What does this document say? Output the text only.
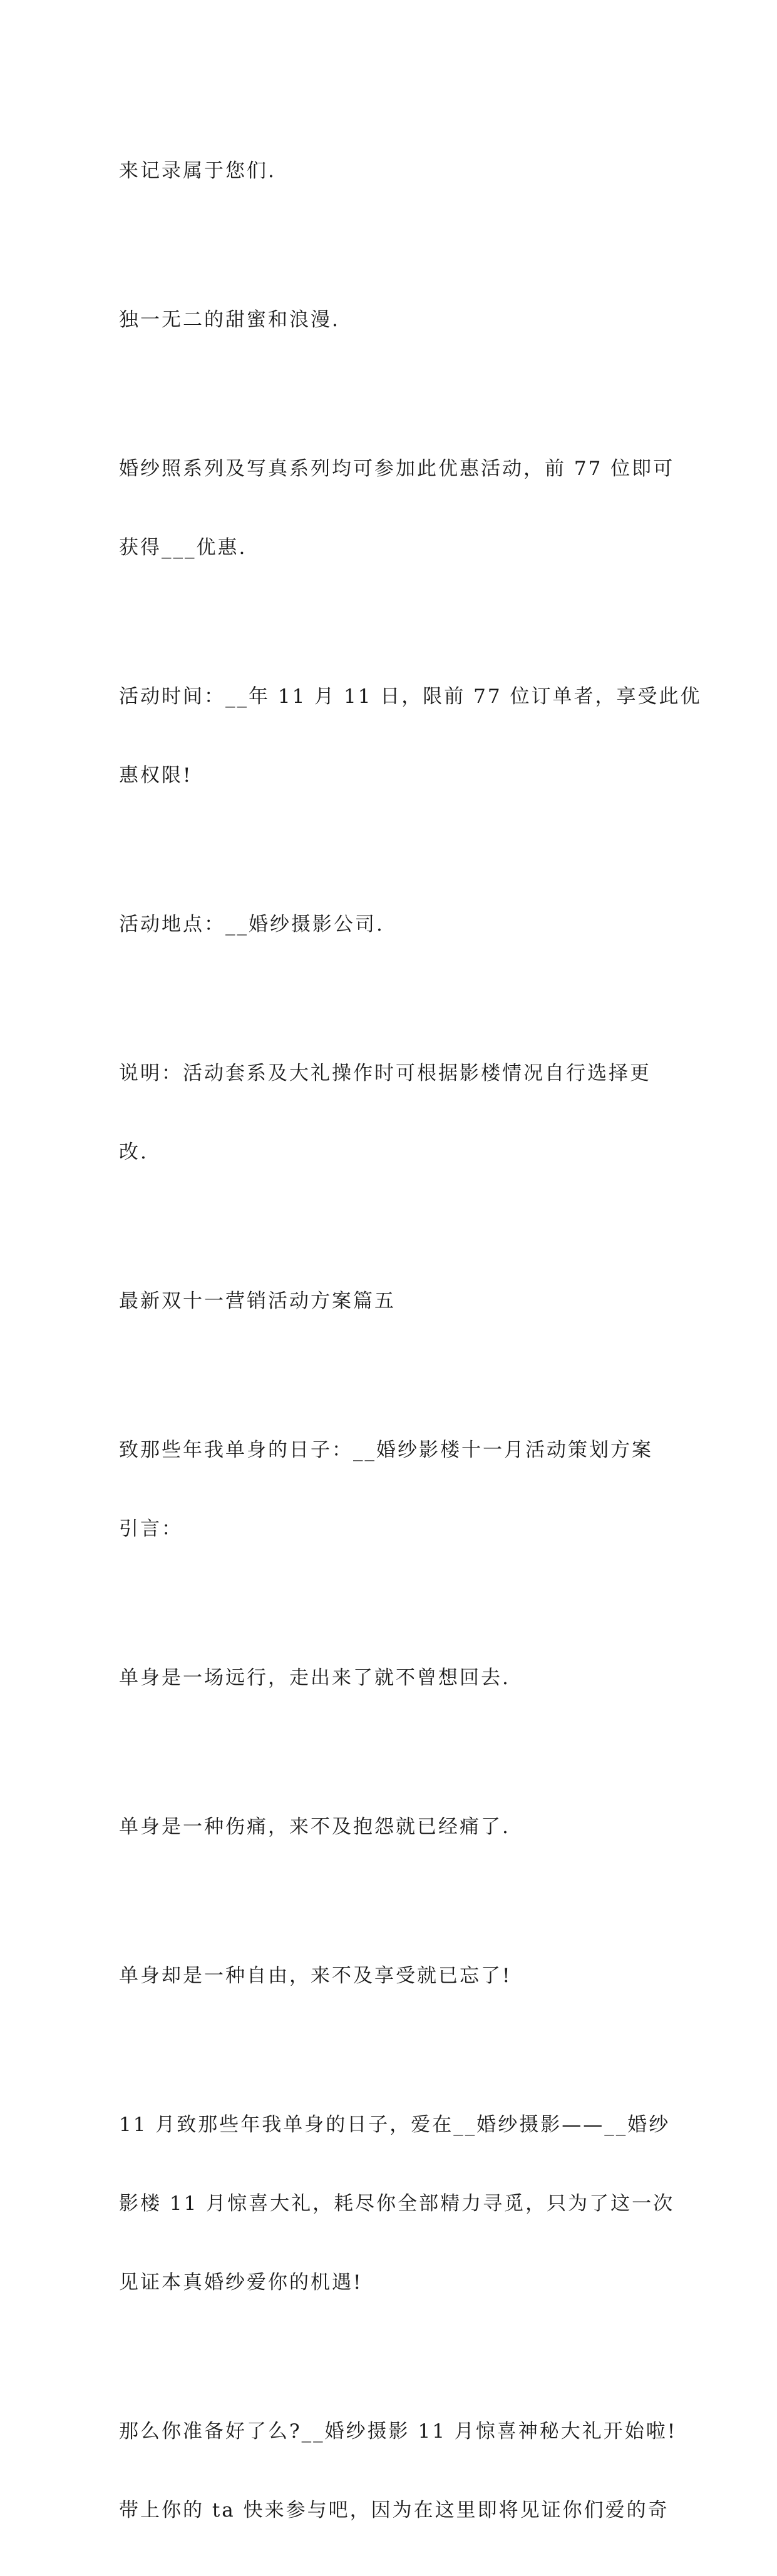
来记录属于您们.

独一无二的甜蜜和浪漫.

婚纱照系列及写真系列均可参加此优惠活动，前 77 位即可

获得___优惠.

活动时间：__年 11 月 11 日，限前 77 位订单者，享受此优

惠权限!

活动地点：__婚纱摄影公司.

说明：活动套系及大礼操作时可根据影楼情况自行选择更

改.

最新双十一营销活动方案篇五

致那些年我单身的日子：__婚纱影楼十一月活动策划方案

引言：

单身是一场远行，走出来了就不曾想回去.

单身是一种伤痛，来不及抱怨就已经痛了.

单身却是一种自由，来不及享受就已忘了!

11 月致那些年我单身的日子，爱在__婚纱摄影——__婚纱

影楼 11 月惊喜大礼，耗尽你全部精力寻觅，只为了这一次

见证本真婚纱爱你的机遇!

那么你准备好了么?__婚纱摄影 11 月惊喜神秘大礼开始啦!

带上你的 ta 快来参与吧，因为在这里即将见证你们爱的奇
